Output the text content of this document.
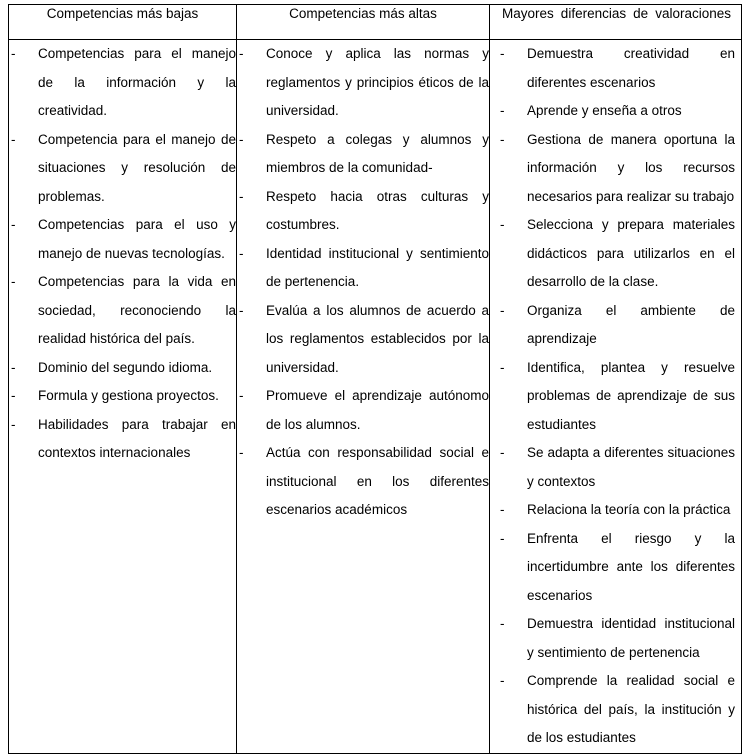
Competencias más bajas	Competencias más altas	Mayores diferencias de valoraciones

-	Competencias para el manejo de la información y la creatividad.
-	Competencia para el manejo de situaciones y resolución de problemas.
-	Competencias para el uso y manejo de nuevas tecnologías.
-	Competencias para la vida en sociedad, reconociendo la realidad histórica del país.
-	Dominio del segundo idioma.
-	Formula y gestiona proyectos.
-	Habilidades para trabajar en contextos internacionales

-	Conoce y aplica las normas y reglamentos y principios éticos de la universidad.
-	Respeto a colegas y alumnos y miembros de la comunidad-
-	Respeto hacia otras culturas y costumbres.
-	Identidad institucional y sentimiento de pertenencia.
-	Evalúa a los alumnos de acuerdo a los reglamentos establecidos por la universidad.
-	Promueve el aprendizaje autónomo de los alumnos.
-	Actúa con responsabilidad social e institucional en los diferentes escenarios académicos

-	Demuestra creatividad en diferentes escenarios
-	Aprende y enseña a otros
-	Gestiona de manera oportuna la información y los recursos necesarios para realizar su trabajo
-	Selecciona y prepara materiales didácticos para utilizarlos en el desarrollo de la clase.
-	Organiza el ambiente de aprendizaje
-	Identifica, plantea y resuelve problemas de aprendizaje de sus estudiantes
-	Se adapta a diferentes situaciones y contextos
-	Relaciona la teoría con la práctica
-	Enfrenta el riesgo y la incertidumbre ante los diferentes escenarios
-	Demuestra identidad institucional y sentimiento de pertenencia
-	Comprende la realidad social e histórica del país, la institución y de los estudiantes
